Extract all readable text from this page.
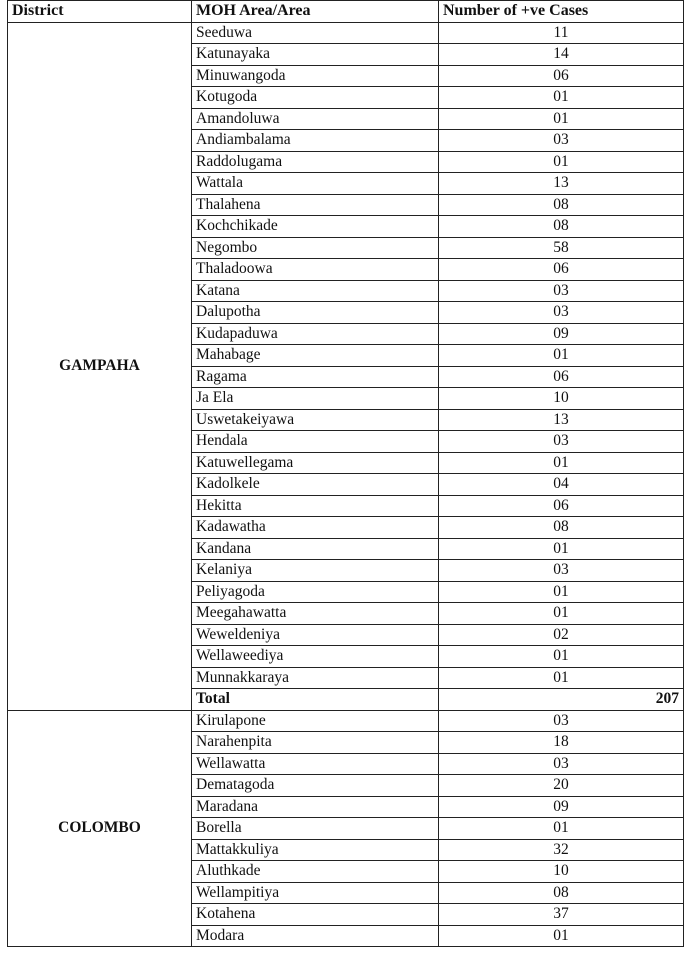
District	MOH Area/Area	Number of +ve Cases
GAMPAHA	Seeduwa	11
	Katunayaka	14
	Minuwangoda	06
	Kotugoda	01
	Amandoluwa	01
	Andiambalama	03
	Raddolugama	01
	Wattala	13
	Thalahena	08
	Kochchikade	08
	Negombo	58
	Thaladoowa	06
	Katana	03
	Dalupotha	03
	Kudapaduwa	09
	Mahabage	01
	Ragama	06
	Ja Ela	10
	Uswetakeiyawa	13
	Hendala	03
	Katuwellegama	01
	Kadolkele	04
	Hekitta	06
	Kadawatha	08
	Kandana	01
	Kelaniya	03
	Peliyagoda	01
	Meegahawatta	01
	Weweldeniya	02
	Wellaweediya	01
	Munnakkaraya	01
	Total	207
COLOMBO	Kirulapone	03
	Narahenpita	18
	Wellawatta	03
	Dematagoda	20
	Maradana	09
	Borella	01
	Mattakkuliya	32
	Aluthkade	10
	Wellampitiya	08
	Kotahena	37
	Modara	01
